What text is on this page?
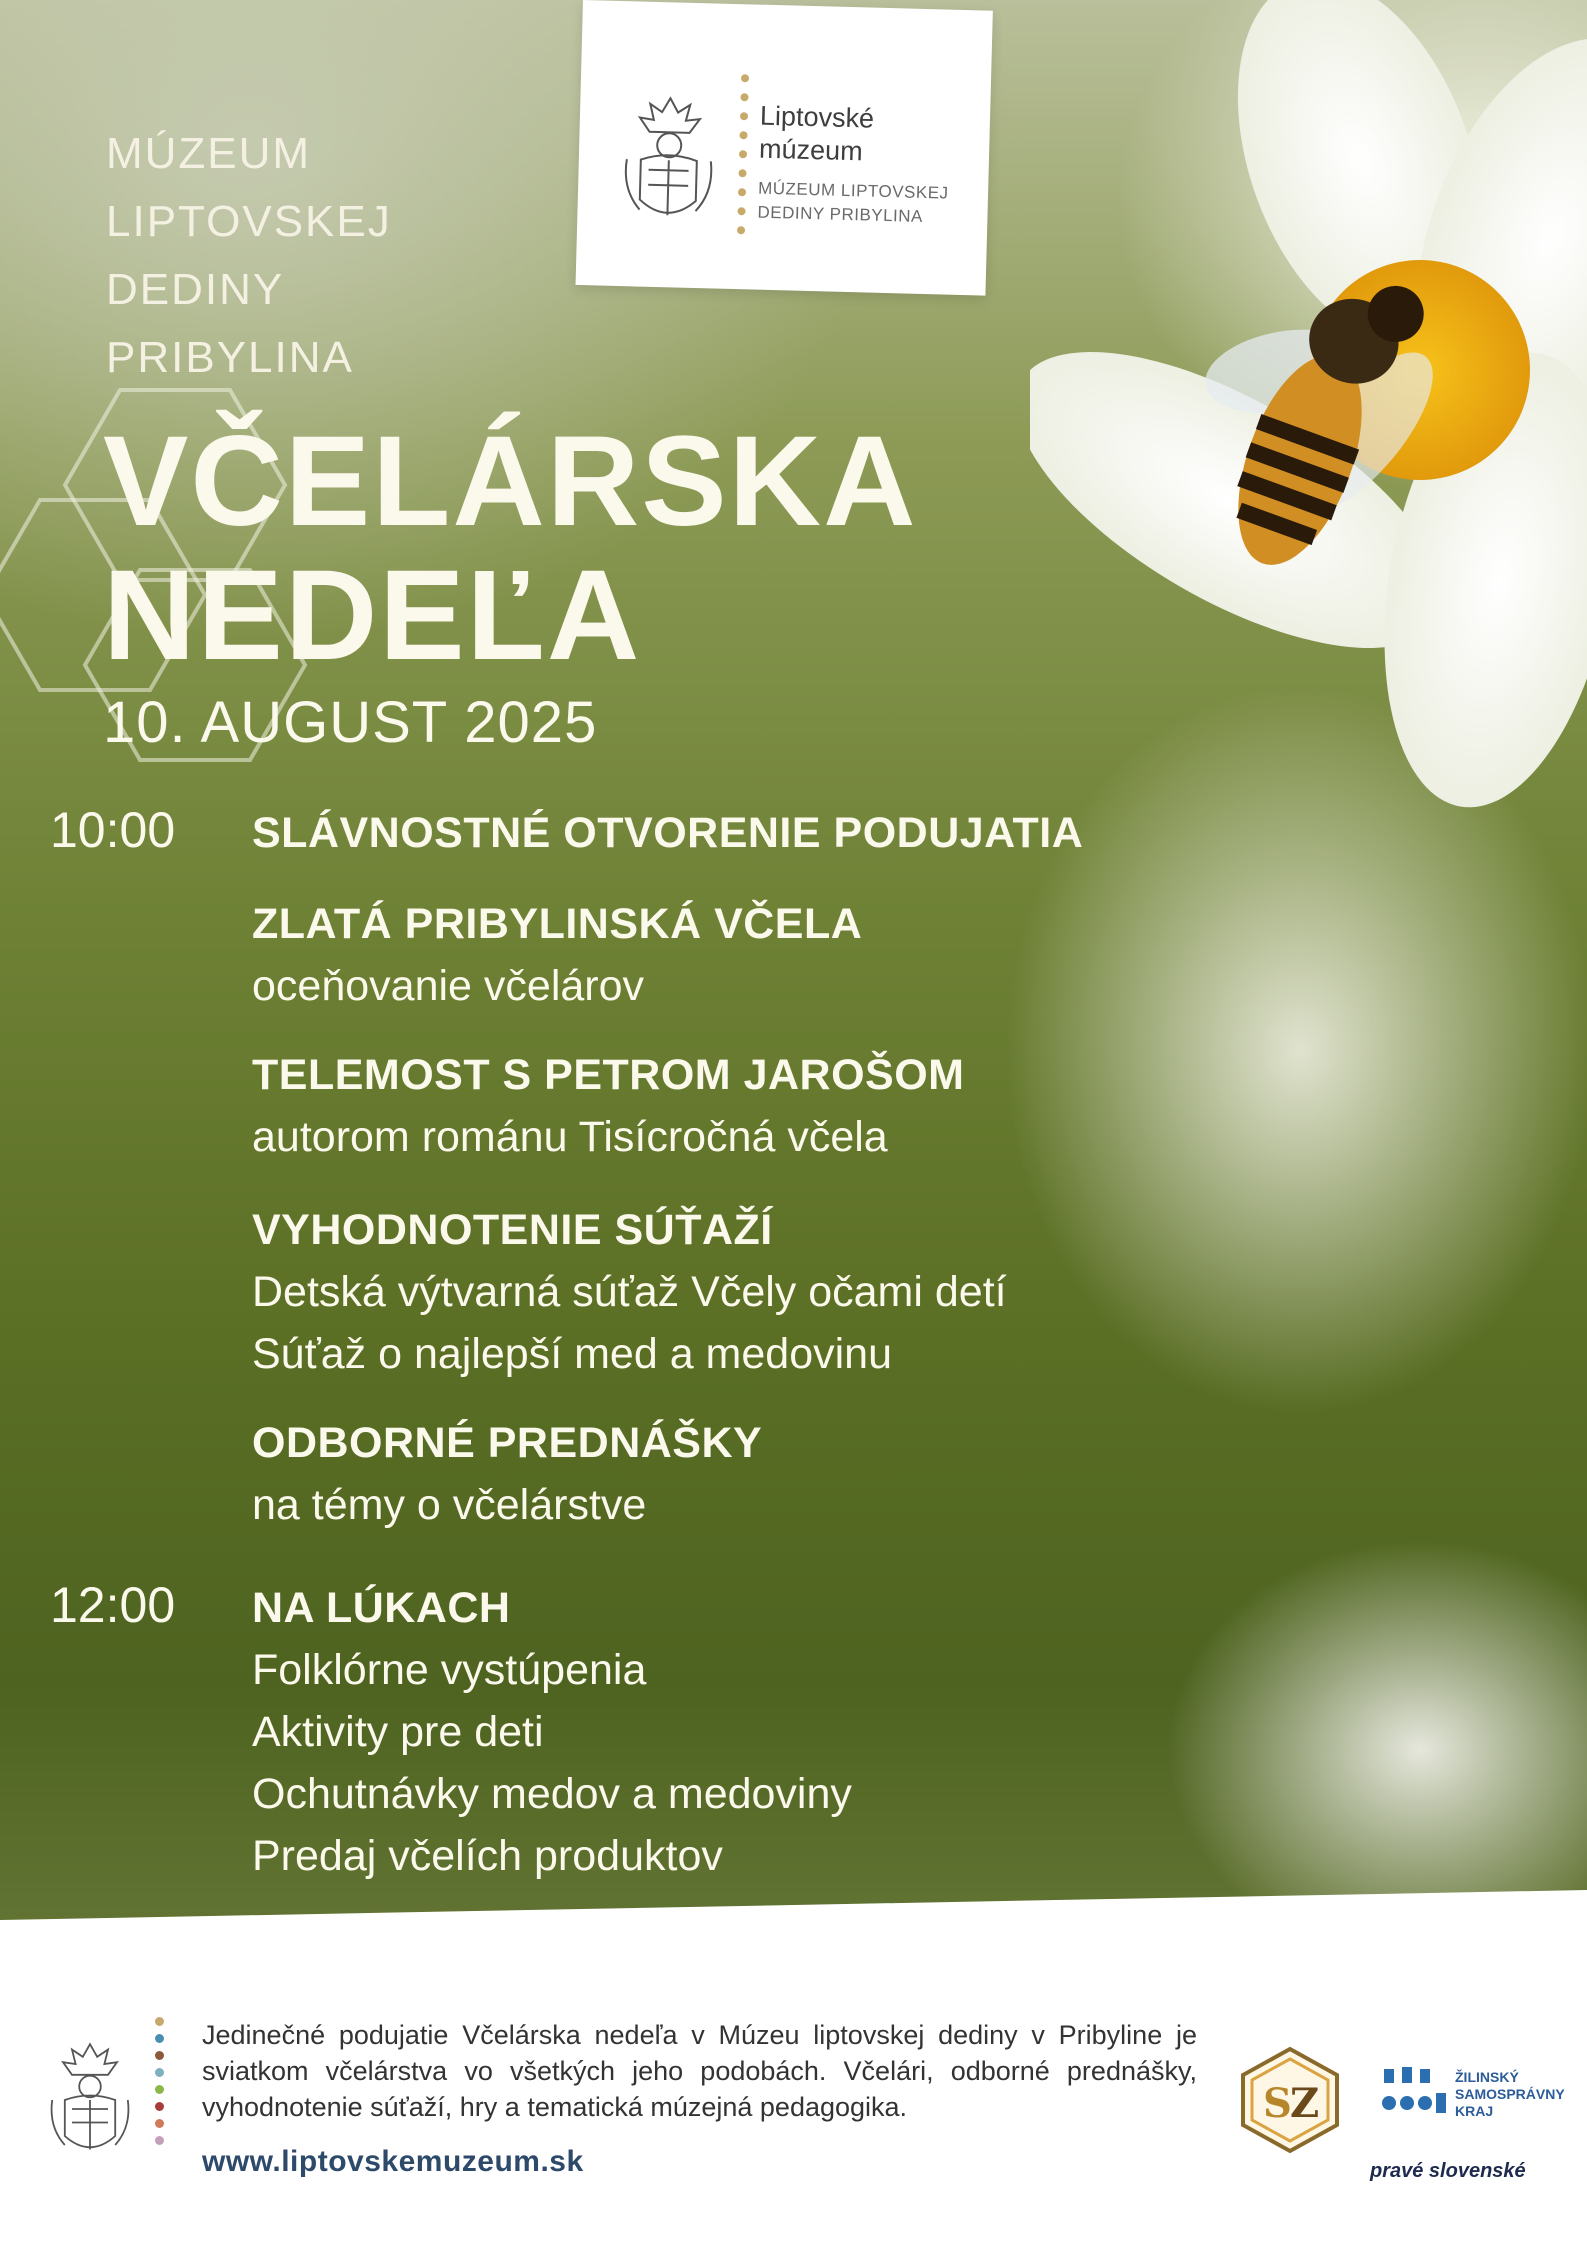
MÚZEUM
LIPTOVSKEJ
DEDINY
PRIBYLINA
Liptovské
múzeum
MÚZEUM LIPTOVSKEJ
DEDINY PRIBYLINA
VČELÁRSKA
NEDEĽA
10. AUGUST 2025
10:00 SLÁVNOSTNÉ OTVORENIE PODUJATIA
ZLATÁ PRIBYLINSKÁ VČELA
oceňovanie včelárov
TELEMOST S PETROM JAROŠOM
autorom románu Tisícročná včela
VYHODNOTENIE SÚŤAŽÍ
Detská výtvarná súťaž Včely očami detí
Súťaž o najlepší med a medovinu
ODBORNÉ PREDNÁŠKY
na témy o včelárstve
12:00 NA LÚKACH
Folklórne vystúpenia
Aktivity pre deti
Ochutnávky medov a medoviny
Predaj včelích produktov
Jedinečné podujatie Včelárska nedeľa v Múzeu liptovskej dediny v Pribyline je sviatkom včelárstva vo všetkých jeho podobách. Včelári, odborné prednášky, vyhodnotenie súťaží, hry a tematická múzejná pedagogika.
www.liptovskemuzeum.sk
S
Z
ŽILINSKÝ
SAMOSPRÁVNY
KRAJ
pravé slovenské
